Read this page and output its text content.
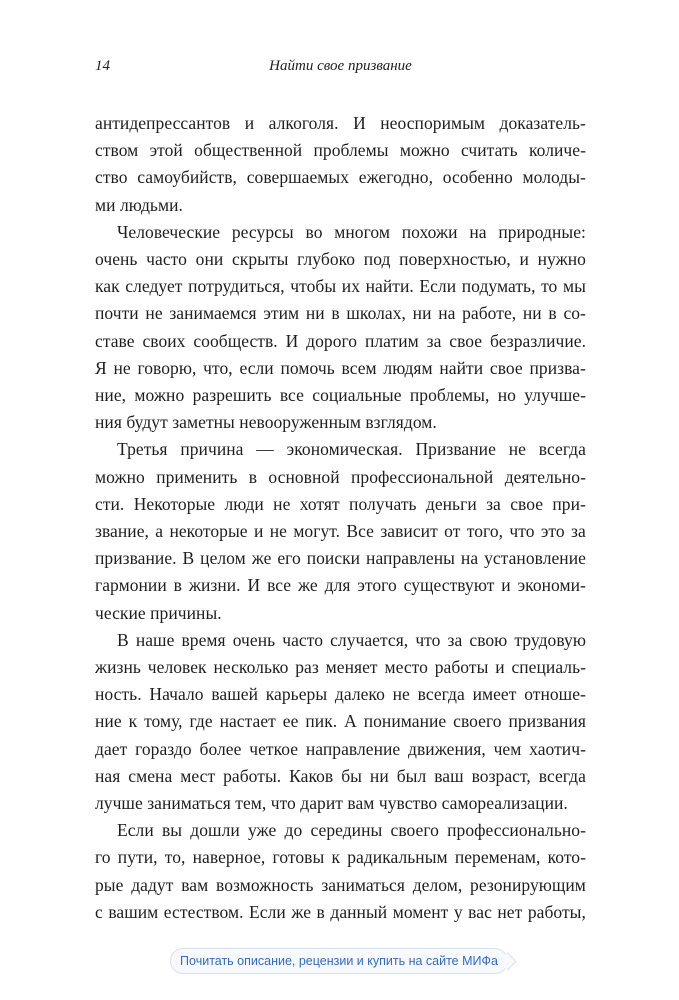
14	Найти свое призвание
антидепрессантов и алкоголя. И неоспоримым доказатель-
ством этой общественной проблемы можно считать количе-
ство самоубийств, совершаемых ежегодно, особенно молоды-
ми людьми.
Человеческие ресурсы во многом похожи на природные:
очень часто они скрыты глубоко под поверхностью, и нужно
как следует потрудиться, чтобы их найти. Если подумать, то мы
почти не занимаемся этим ни в школах, ни на работе, ни в со-
ставе своих сообществ. И дорого платим за свое безразличие.
Я не говорю, что, если помочь всем людям найти свое призва-
ние, можно разрешить все социальные проблемы, но улучше-
ния будут заметны невооруженным взглядом.
Третья причина — экономическая. Призвание не всегда
можно применить в основной профессиональной деятельно-
сти. Некоторые люди не хотят получать деньги за свое при-
звание, а некоторые и не могут. Все зависит от того, что это за
призвание. В целом же его поиски направлены на установление
гармонии в жизни. И все же для этого существуют и экономи-
ческие причины.
В наше время очень часто случается, что за свою трудовую
жизнь человек несколько раз меняет место работы и специаль-
ность. Начало вашей карьеры далеко не всегда имеет отноше-
ние к тому, где настает ее пик. А понимание своего призвания
дает гораздо более четкое направление движения, чем хаотич-
ная смена мест работы. Каков бы ни был ваш возраст, всегда
лучше заниматься тем, что дарит вам чувство самореализации.
Если вы дошли уже до середины своего профессионально-
го пути, то, наверное, готовы к радикальным переменам, кото-
рые дадут вам возможность заниматься делом, резонирующим
с вашим естеством. Если же в данный момент у вас нет работы,
Почитать описание, рецензии и купить на сайте МИФа
